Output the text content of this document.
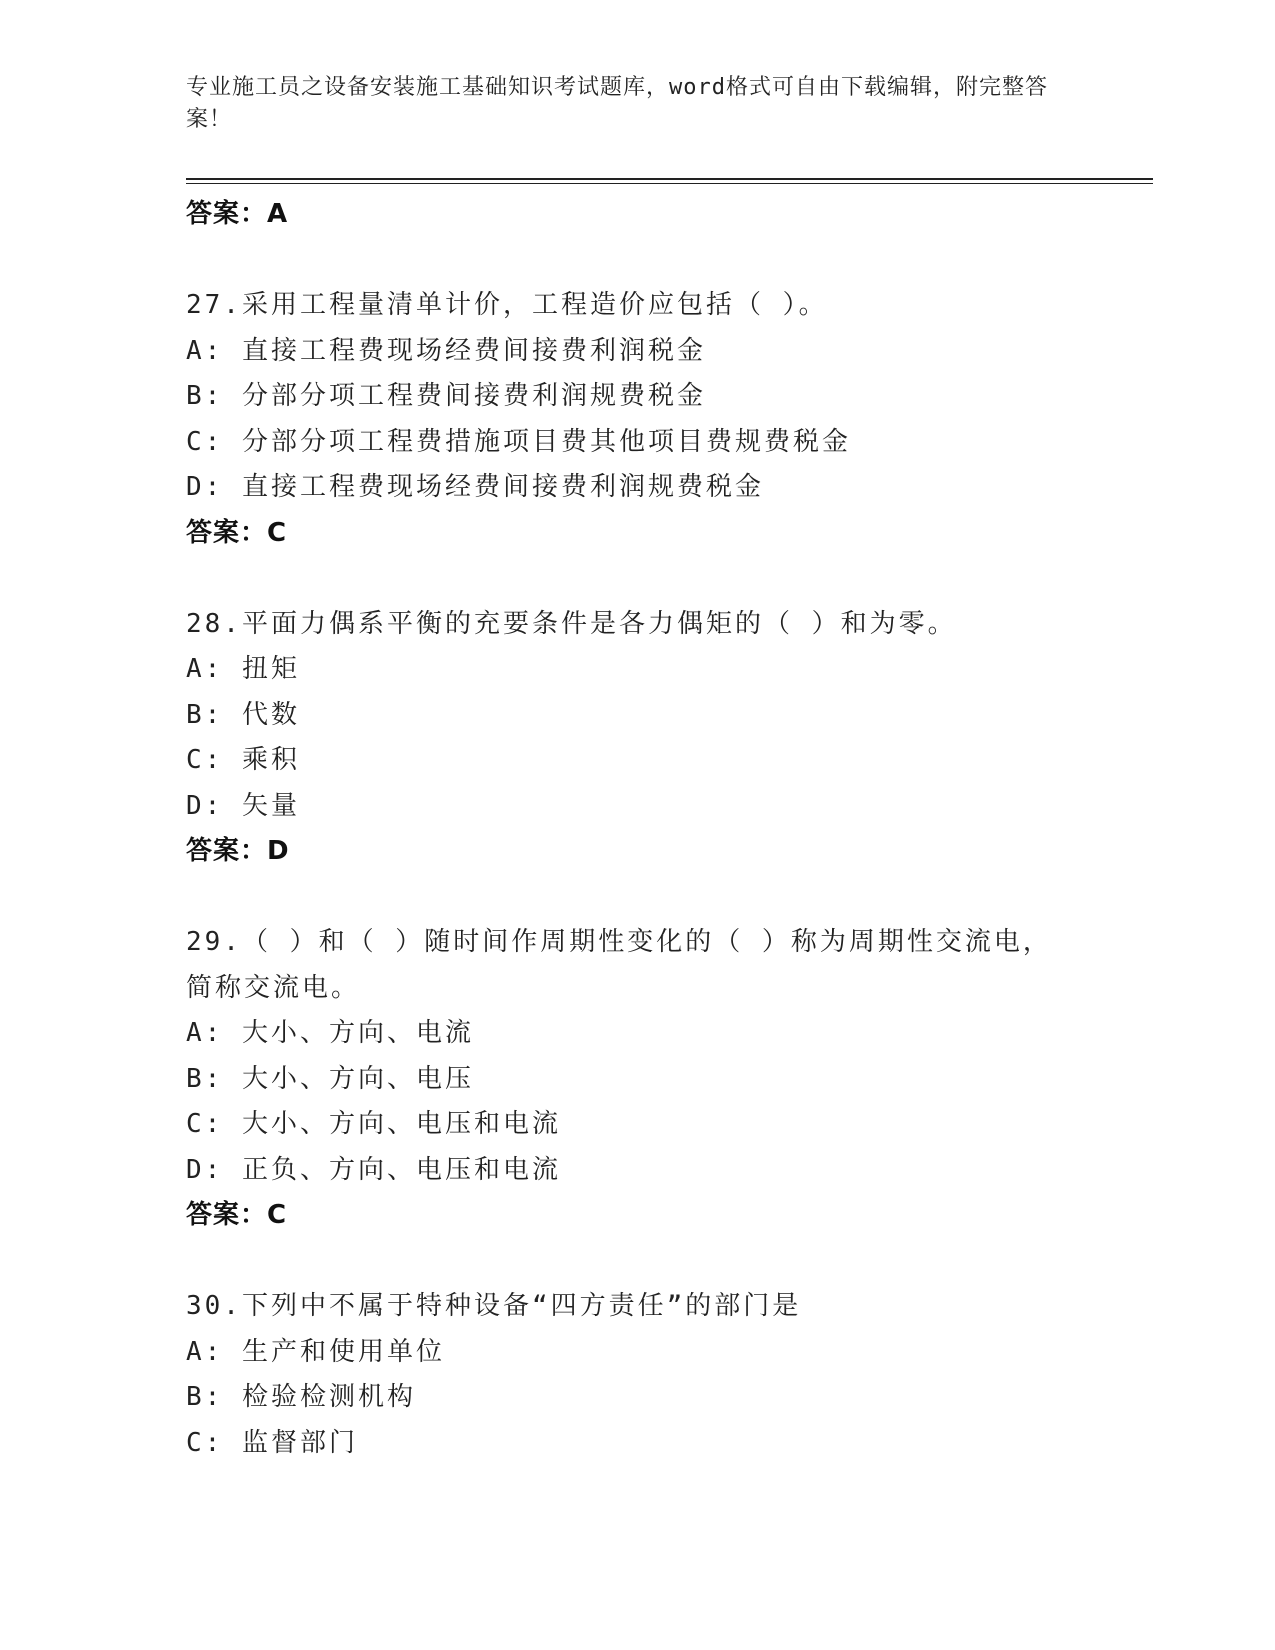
专业施工员之设备安装施工基础知识考试题库，word格式可自由下载编辑，附完整答案！
答案：A
27.采用工程量清单计价，工程造价应包括（ ）。
A: 直接工程费现场经费间接费利润税金
B: 分部分项工程费间接费利润规费税金
C: 分部分项工程费措施项目费其他项目费规费税金
D: 直接工程费现场经费间接费利润规费税金
答案：C
28.平面力偶系平衡的充要条件是各力偶矩的（ ）和为零。
A: 扭矩
B: 代数
C: 乘积
D: 矢量
答案：D
29.（ ）和（ ）随时间作周期性变化的（ ）称为周期性交流电，简称交流电。
A: 大小、方向、电流
B: 大小、方向、电压
C: 大小、方向、电压和电流
D: 正负、方向、电压和电流
答案：C
30.下列中不属于特种设备“四方责任”的部门是
A: 生产和使用单位
B: 检验检测机构
C: 监督部门
